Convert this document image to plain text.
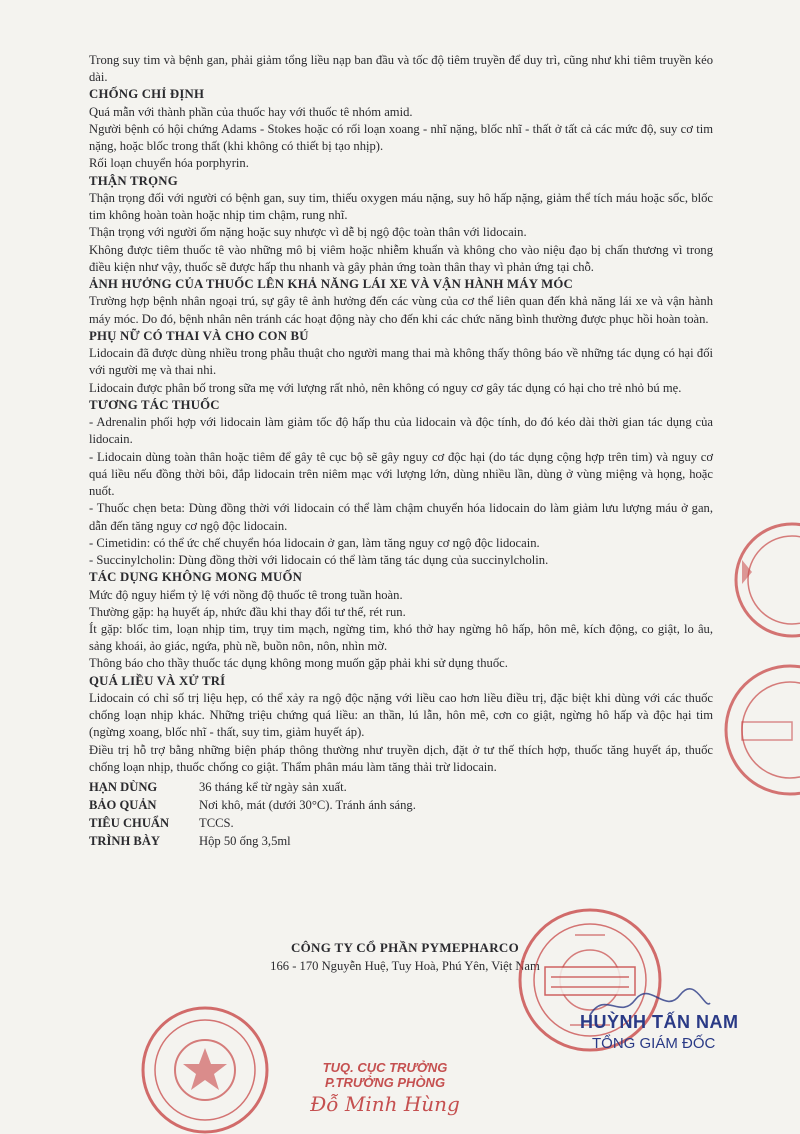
Trong suy tim và bệnh gan, phải giảm tổng liều nạp ban đầu và tốc độ tiêm truyền để duy trì, cũng như khi tiêm truyền kéo dài.

CHỐNG CHỈ ĐỊNH

Quá mẫn với thành phần của thuốc hay với thuốc tê nhóm amid.

Người bệnh có hội chứng Adams - Stokes hoặc có rối loạn xoang - nhĩ nặng, blốc nhĩ - thất ở tất cả các mức độ, suy cơ tim nặng, hoặc blốc trong thất (khi không có thiết bị tạo nhịp).

Rối loạn chuyển hóa porphyrin.

THẬN TRỌNG

Thận trọng đối với người có bệnh gan, suy tim, thiếu oxygen máu nặng, suy hô hấp nặng, giảm thể tích máu hoặc sốc, blốc tim không hoàn toàn hoặc nhịp tim chậm, rung nhĩ.

Thận trọng với người ốm nặng hoặc suy nhược vì dễ bị ngộ độc toàn thân với lidocain.

Không được tiêm thuốc tê vào những mô bị viêm hoặc nhiễm khuẩn và không cho vào niệu đạo bị chấn thương vì trong điều kiện như vậy, thuốc sẽ được hấp thu nhanh và gây phản ứng toàn thân thay vì phản ứng tại chỗ.

ẢNH HƯỞNG CỦA THUỐC LÊN KHẢ NĂNG LÁI XE VÀ VẬN HÀNH MÁY MÓC

Trường hợp bệnh nhân ngoại trú, sự gây tê ảnh hưởng đến các vùng của cơ thể liên quan đến khả năng lái xe và vận hành máy móc. Do đó, bệnh nhân nên tránh các hoạt động này cho đến khi các chức năng bình thường được phục hồi hoàn toàn.

PHỤ NỮ CÓ THAI VÀ CHO CON BÚ

Lidocain đã được dùng nhiều trong phẫu thuật cho người mang thai mà không thấy thông báo về những tác dụng có hại đối với người mẹ và thai nhi.

Lidocain được phân bố trong sữa mẹ với lượng rất nhỏ, nên không có nguy cơ gây tác dụng có hại cho trẻ nhỏ bú mẹ.

TƯƠNG TÁC THUỐC

- Adrenalin phối hợp với lidocain làm giảm tốc độ hấp thu của lidocain và độc tính, do đó kéo dài thời gian tác dụng của lidocain.

- Lidocain dùng toàn thân hoặc tiêm để gây tê cục bộ sẽ gây nguy cơ độc hại (do tác dụng cộng hợp trên tim) và nguy cơ quá liều nếu đồng thời bôi, đắp lidocain trên niêm mạc với lượng lớn, dùng nhiều lần, dùng ở vùng miệng và họng, hoặc nuốt.

- Thuốc chẹn beta: Dùng đồng thời với lidocain có thể làm chậm chuyển hóa lidocain do làm giảm lưu lượng máu ở gan, dẫn đến tăng nguy cơ ngộ độc lidocain.

- Cimetidin: có thể ức chế chuyển hóa lidocain ở gan, làm tăng nguy cơ ngộ độc lidocain.

- Succinylcholin: Dùng đồng thời với lidocain có thể làm tăng tác dụng của succinylcholin.

TÁC DỤNG KHÔNG MONG MUỐN

Mức độ nguy hiểm tỷ lệ với nồng độ thuốc tê trong tuần hoàn.

Thường gặp: hạ huyết áp, nhức đầu khi thay đổi tư thế, rét run.

Ít gặp: blốc tim, loạn nhịp tim, trụy tim mạch, ngừng tim, khó thở hay ngừng hô hấp, hôn mê, kích động, co giật, lo âu, sảng khoái, ảo giác, ngứa, phù nề, buồn nôn, nôn, nhìn mờ.

Thông báo cho thầy thuốc tác dụng không mong muốn gặp phải khi sử dụng thuốc.

QUÁ LIỀU VÀ XỬ TRÍ

Lidocain có chỉ số trị liệu hẹp, có thể xảy ra ngộ độc nặng với liều cao hơn liều điều trị, đặc biệt khi dùng với các thuốc chống loạn nhịp khác. Những triệu chứng quá liều: an thần, lú lẫn, hôn mê, cơn co giật, ngừng hô hấp và độc hại tim (ngừng xoang, blốc nhĩ - thất, suy tim, giảm huyết áp).

Điều trị hỗ trợ bằng những biện pháp thông thường như truyền dịch, đặt ở tư thế thích hợp, thuốc tăng huyết áp, thuốc chống loạn nhịp, thuốc chống co giật. Thẩm phân máu làm tăng thải trừ lidocain.

HẠN DÙNG	36 tháng kể từ ngày sản xuất.
BẢO QUẢN	Nơi khô, mát (dưới 30°C). Tránh ánh sáng.
TIÊU CHUẨN	TCCS.
TRÌNH BÀY	Hộp 50 ống 3,5ml
CÔNG TY CỔ PHẦN PYMEPHARCO
166 - 170 Nguyễn Huệ, Tuy Hoà, Phú Yên, Việt Nam
HUỲNH TẤN NAM
TỔNG GIÁM ĐỐC
TUQ. CỤC TRƯỞNG
P.TRƯỞNG PHÒNG
Đỗ Minh Hùng
